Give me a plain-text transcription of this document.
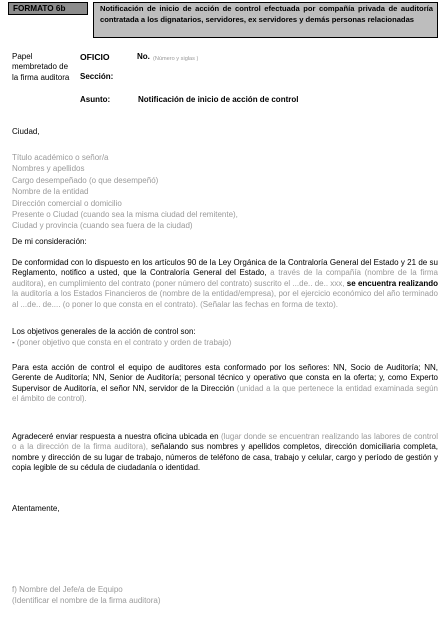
FORMATO 6b	Notificación de inicio de acción de control efectuada por compañía privada de auditoría contratada a los dignatarios, servidores, ex servidores y demás personas relacionadas
Papel
membretado de
la firma auditora
OFICIO	No. (Número y siglas )
Sección:
Asunto:	Notificación de inicio de acción de control
Ciudad,
Título académico o señor/a
Nombres y apellidos
Cargo desempeñado (o que desempeñó)
Nombre de la entidad
Dirección comercial o domicilio
Presente o Ciudad (cuando sea la misma ciudad del remitente),
Ciudad y provincia (cuando sea fuera de la ciudad)
De mi consideración:
De conformidad con lo dispuesto en los artículos 90 de la Ley Orgánica de la Contraloría General del Estado y 21 de su Reglamento, notifico a usted, que la Contraloría General del Estado, a través de la compañía (nombre de la firma auditora), en cumplimiento del contrato (poner número del contrato) suscrito el ...de.. de.. xxx, se encuentra realizando la auditoría a los Estados Financieros de (nombre de la entidad/empresa), por el ejercicio económico del año terminado al ...de.. de.... (o poner lo que consta en el contrato). (Señalar las fechas en forma de texto).
Los objetivos generales de la acción de control son:
- (poner objetivo que consta en el contrato y orden de trabajo)
Para esta acción de control el equipo de auditores esta conformado por los señores: NN, Socio de Auditoría; NN, Gerente de Auditoría; NN, Senior de Auditoría; personal técnico y operativo que consta en la oferta; y, como Experto Supervisor de Auditoría, el señor NN, servidor de la Dirección (unidad a la que pertenece la entidad examinada según el ámbito de control).
Agradeceré enviar respuesta a nuestra oficina ubicada en (lugar donde se encuentran realizando las labores de control o a la dirección de la firma auditora), señalando sus nombres y apellidos completos, dirección domiciliaria completa, nombre y dirección de su lugar de trabajo, números de teléfono de casa, trabajo y celular, cargo y período de gestión y copia legible de su cédula de ciudadanía o identidad.
Atentamente,
f) Nombre del Jefe/a de Equipo
(Identificar el nombre de la firma auditora)
